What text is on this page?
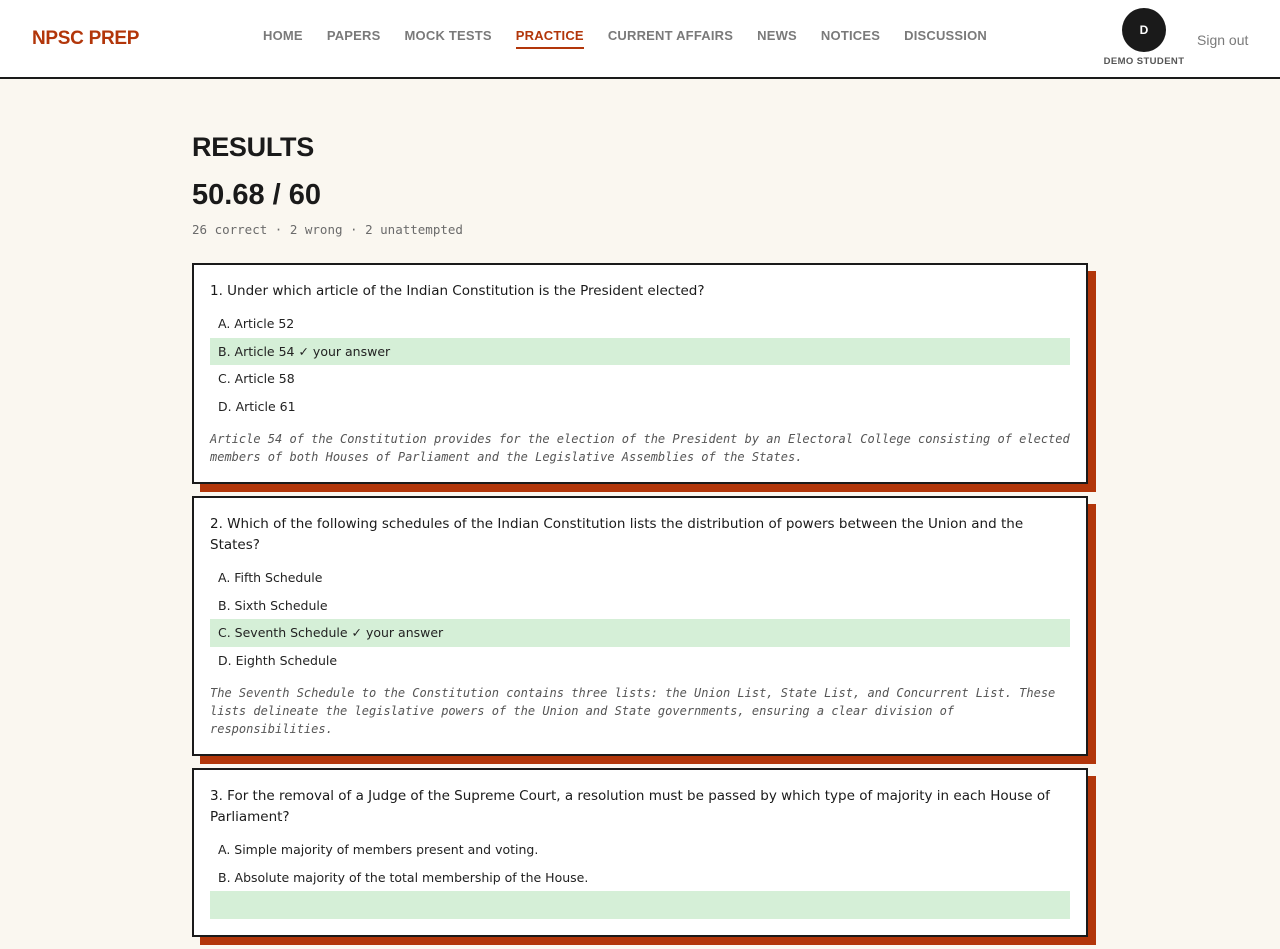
NPSC PREP	HOME PAPERS MOCK TESTS PRACTICE CURRENT AFFAIRS NEWS NOTICES DISCUSSION	D
DEMO STUDENT
Sign out
RESULTS
50.68 / 60
26 correct · 2 wrong · 2 unattempted
1. Under which article of the Indian Constitution is the President elected?
A. Article 52
B. Article 54 ✓ your answer
C. Article 58
D. Article 61
Article 54 of the Constitution provides for the election of the President by an Electoral College consisting of elected members of both Houses of Parliament and the Legislative Assemblies of the States.
2. Which of the following schedules of the Indian Constitution lists the distribution of powers between the Union and the States?
A. Fifth Schedule
B. Sixth Schedule
C. Seventh Schedule ✓ your answer
D. Eighth Schedule
The Seventh Schedule to the Constitution contains three lists: the Union List, State List, and Concurrent List. These lists delineate the legislative powers of the Union and State governments, ensuring a clear division of responsibilities.
3. For the removal of a Judge of the Supreme Court, a resolution must be passed by which type of majority in each House of Parliament?
A. Simple majority of members present and voting.
B. Absolute majority of the total membership of the House.
